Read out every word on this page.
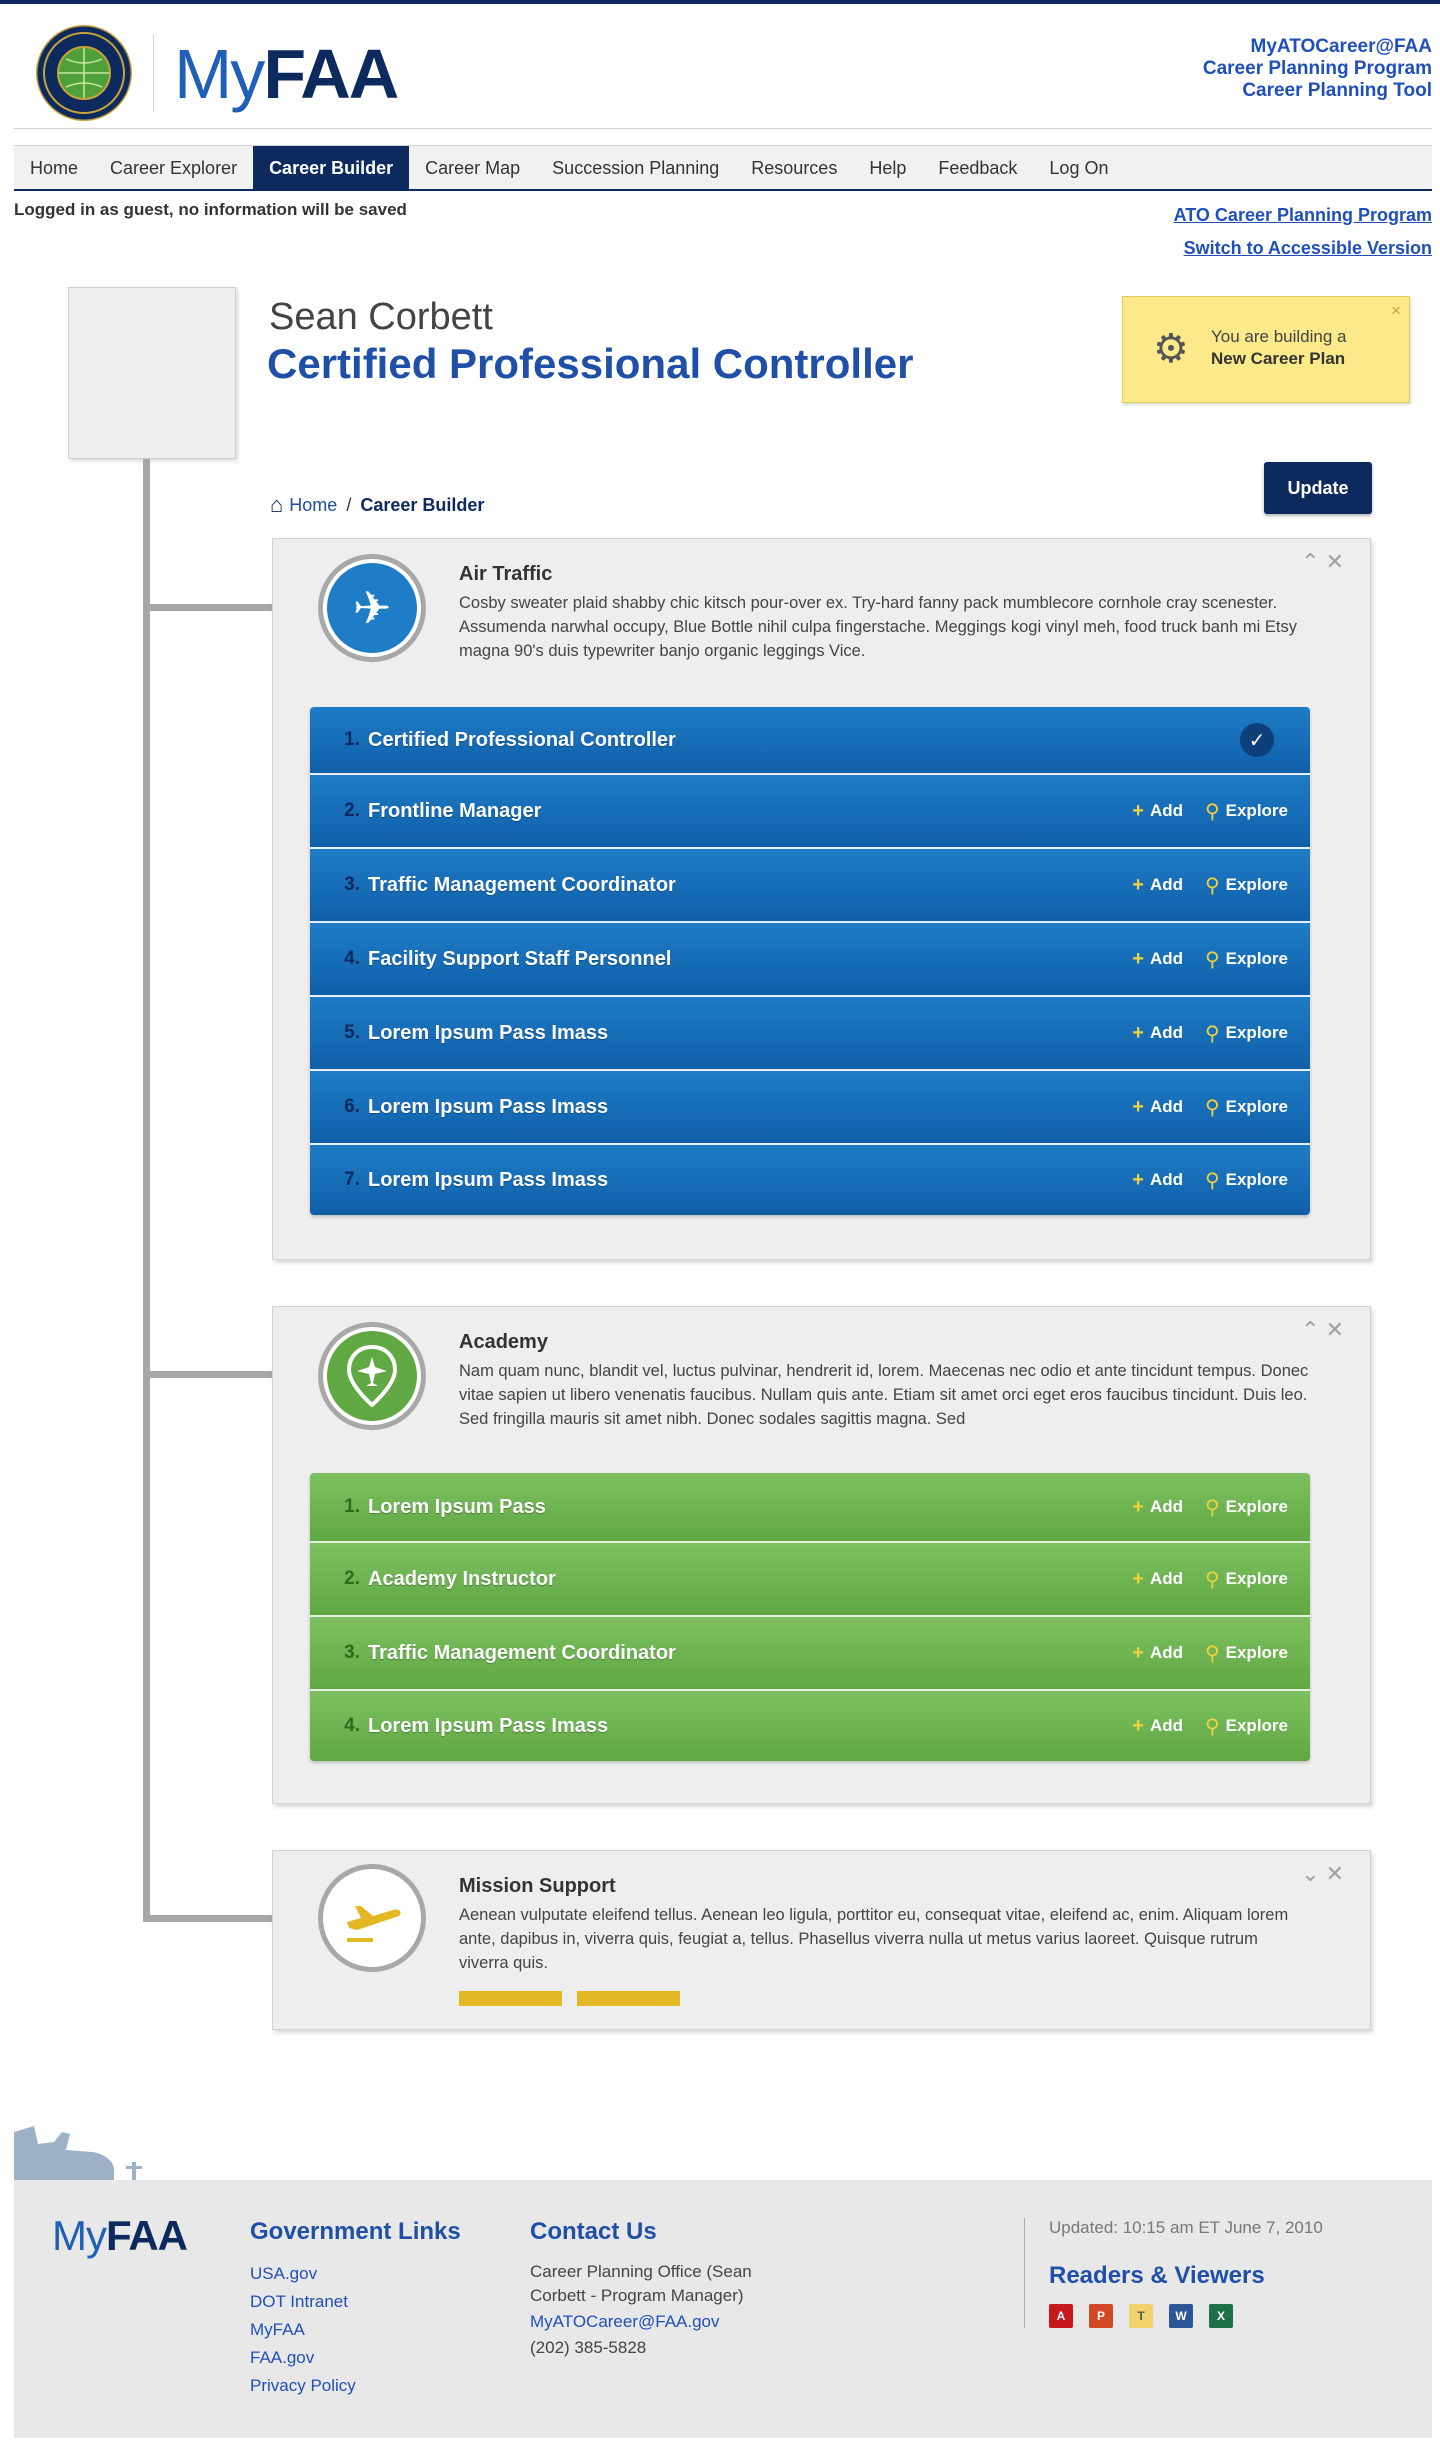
MyFAA	MyATOCareer@FAA
Career Planning Program
Career Planning Tool
Home	Career Explorer	Career Builder	Career Map	Succession Planning	Resources	Help	Feedback	Log On
Logged in as guest, no information will be saved	ATO Career Planning Program
Switch to Accessible Version
Sean Corbett
Certified Professional Controller	⚙ You are building a
New Career Plan
×
Update
⌂ Home / Career Builder
⌃✕
Air Traffic
Cosby sweater plaid shabby chic kitsch pour-over ex. Try-hard fanny pack mumblecore cornhole cray scenester. Assumenda narwhal occupy, Blue Bottle nihil culpa fingerstache. Meggings kogi vinyl meh, food truck banh mi Etsy magna 90's duis typewriter banjo organic leggings Vice.
1. Certified Professional Controller	✓
2. Frontline Manager	+ Add ⚲ Explore
3. Traffic Management Coordinator	+ Add ⚲ Explore
4. Facility Support Staff Personnel	+ Add ⚲ Explore
5. Lorem Ipsum Pass Imass	+ Add ⚲ Explore
6. Lorem Ipsum Pass Imass	+ Add ⚲ Explore
7. Lorem Ipsum Pass Imass	+ Add ⚲ Explore
✈
⌃✕
Academy
Nam quam nunc, blandit vel, luctus pulvinar, hendrerit id, lorem. Maecenas nec odio et ante tincidunt tempus. Donec vitae sapien ut libero venenatis faucibus. Nullam quis ante. Etiam sit amet orci eget eros faucibus tincidunt. Duis leo. Sed fringilla mauris sit amet nibh. Donec sodales sagittis magna. Sed
1. Lorem Ipsum Pass	+ Add ⚲ Explore
2. Academy Instructor	+ Add ⚲ Explore
3. Traffic Management Coordinator	+ Add ⚲ Explore
4. Lorem Ipsum Pass Imass	+ Add ⚲ Explore
⌄✕
Mission Support
Aenean vulputate eleifend tellus. Aenean leo ligula, porttitor eu, consequat vitae, eleifend ac, enim. Aliquam lorem ante, dapibus in, viverra quis, feugiat a, tellus. Phasellus viverra nulla ut metus varius laoreet. Quisque rutrum viverra quis.
MyFAA	Government Links
USA.gov
DOT Intranet
MyFAA
FAA.gov
Privacy Policy
Contact Us

Career Planning Office (Sean Corbett - Program Manager)

MyATOCareer@FAA.gov

(202) 385-5828

Updated: 10:15 am ET June 7, 2010
Readers & Viewers
A	P	T	W	X
